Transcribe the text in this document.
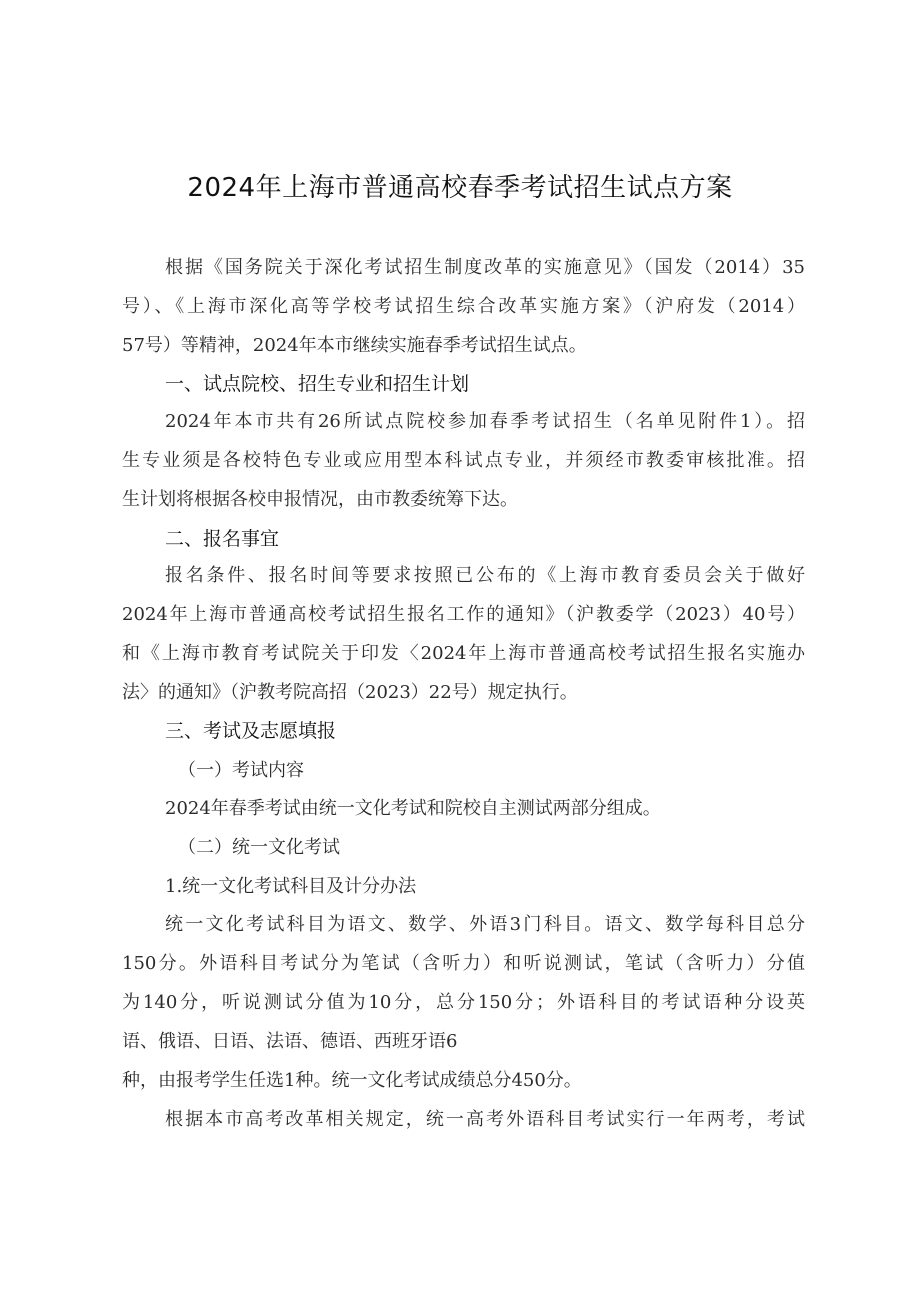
2024年上海市普通高校春季考试招生试点方案
根据《国务院关于深化考试招生制度改革的实施意见》（国发（2014）35
号）、《上海市深化高等学校考试招生综合改革实施方案》（沪府发（2014）
57号）等精神，2024年本市继续实施春季考试招生试点。
一、试点院校、招生专业和招生计划
2024年本市共有26所试点院校参加春季考试招生（名单见附件1）。招
生专业须是各校特色专业或应用型本科试点专业，并须经市教委审核批准。招
生计划将根据各校申报情况，由市教委统筹下达。
二、报名事宜
报名条件、报名时间等要求按照已公布的《上海市教育委员会关于做好
2024年上海市普通高校考试招生报名工作的通知》（沪教委学（2023）40号）
和《上海市教育考试院关于印发〈2024年上海市普通高校考试招生报名实施办
法〉的通知》（沪教考院高招（2023）22号）规定执行。
三、考试及志愿填报
（一）考试内容
2024年春季考试由统一文化考试和院校自主测试两部分组成。
（二）统一文化考试
1.统一文化考试科目及计分办法
统一文化考试科目为语文、数学、外语3门科目。语文、数学每科目总分
150分。外语科目考试分为笔试（含听力）和听说测试，笔试（含听力）分值
为140分，听说测试分值为10分，总分150分；外语科目的考试语种分设英
语、俄语、日语、法语、德语、西班牙语6
种，由报考学生任选1种。统一文化考试成绩总分450分。
根据本市高考改革相关规定，统一高考外语科目考试实行一年两考，考试
